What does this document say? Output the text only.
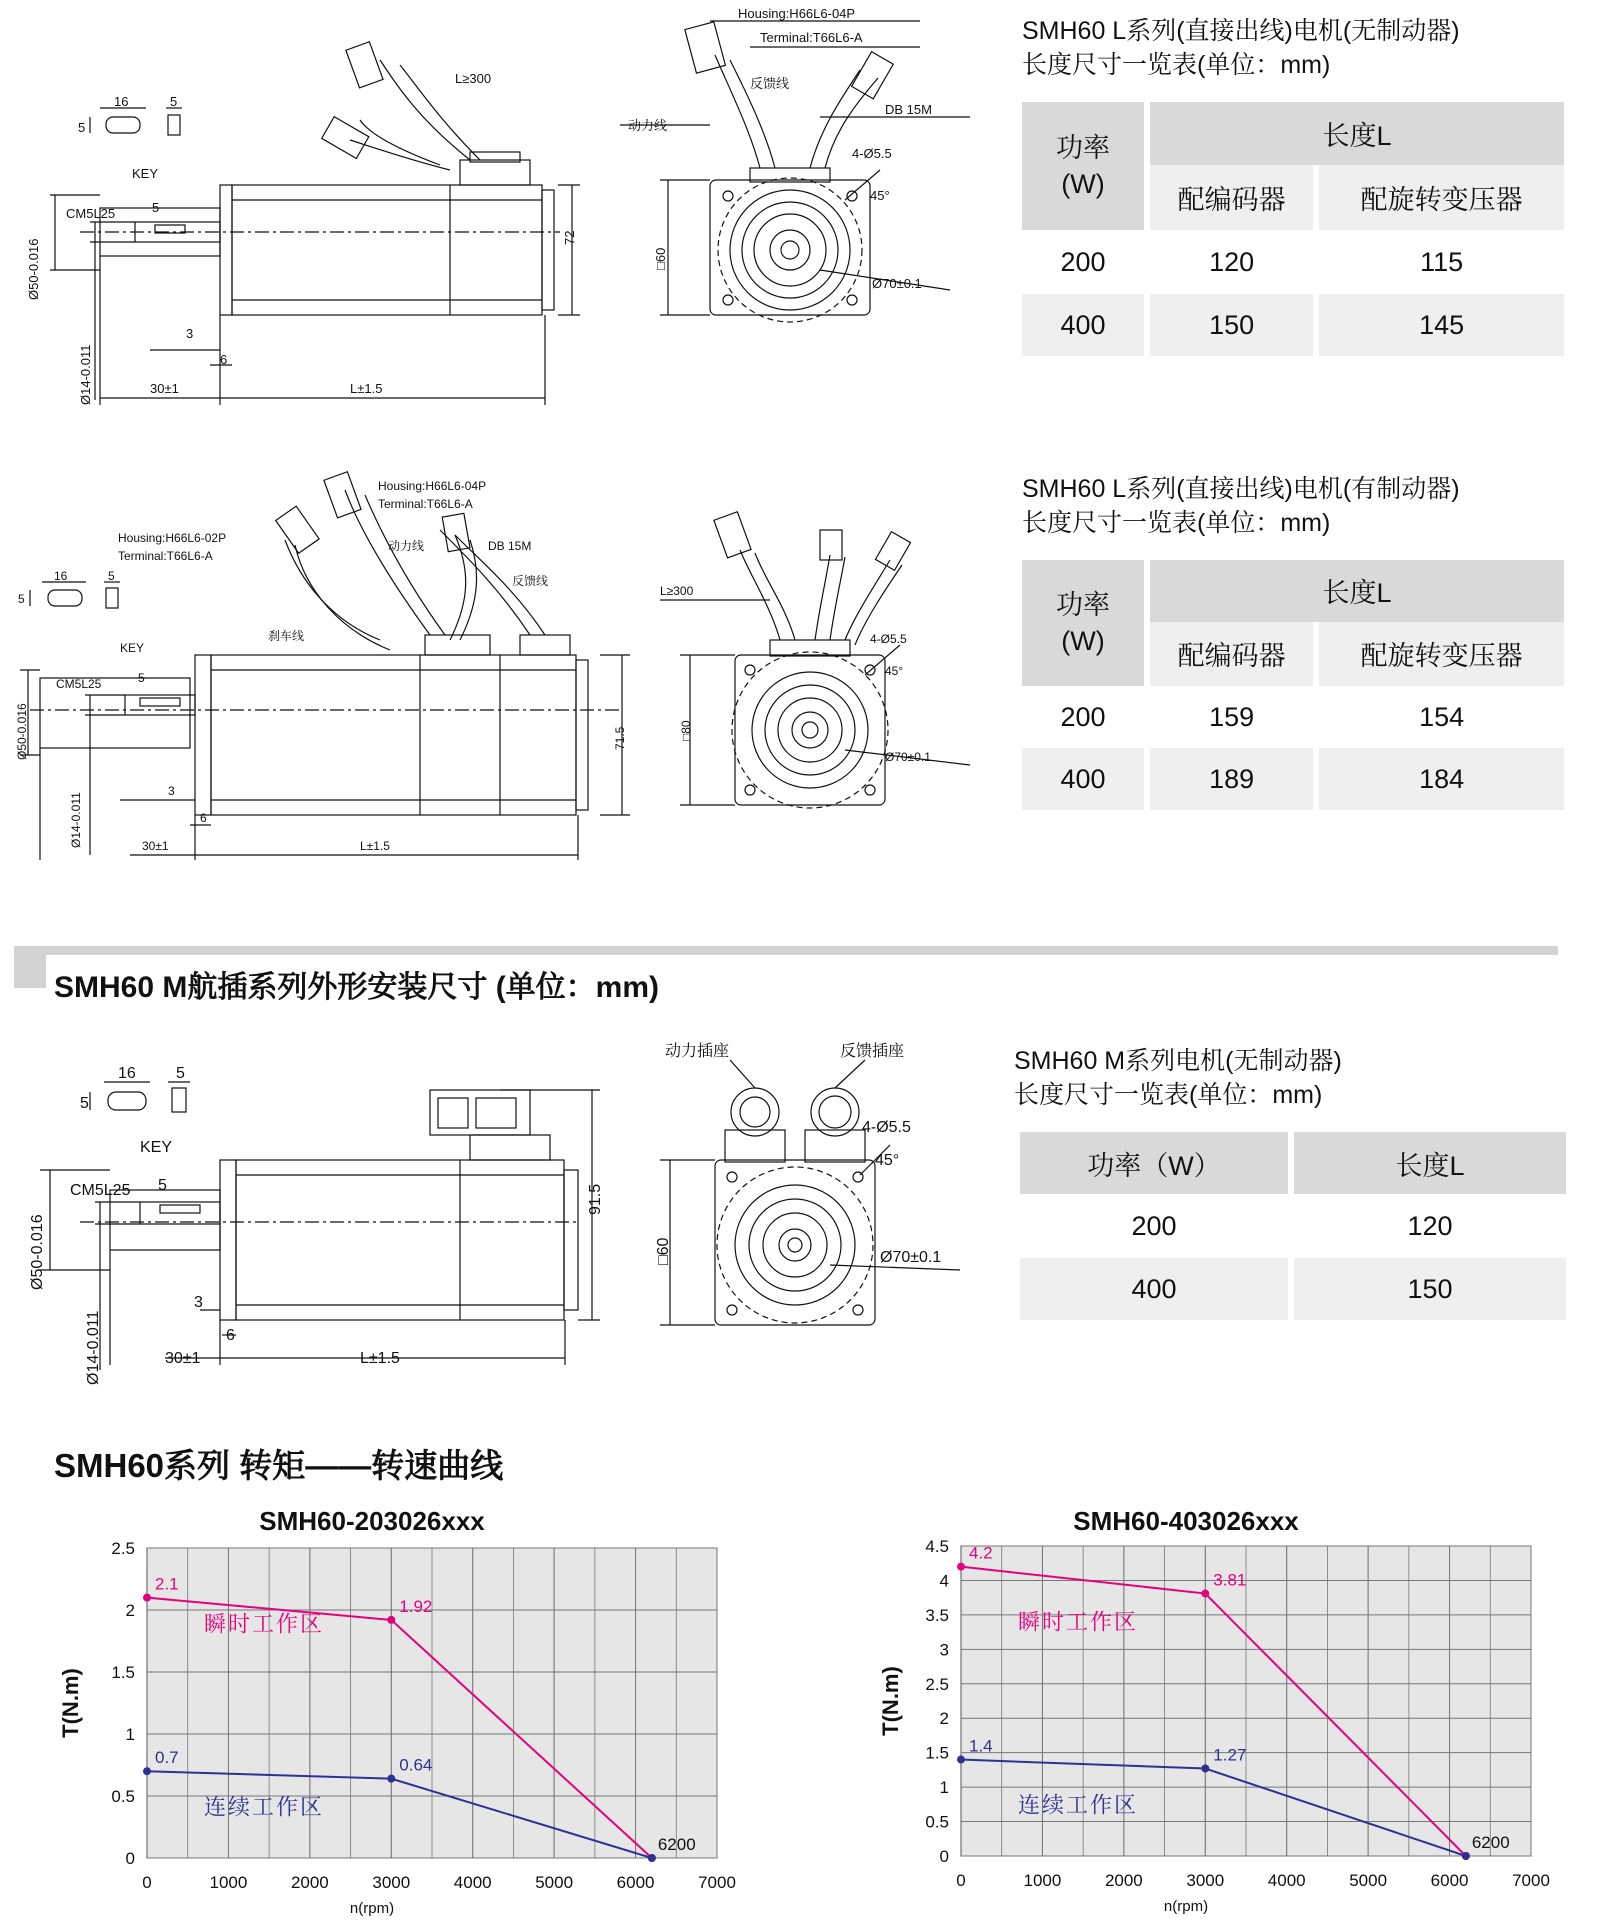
16	5
5
KEY
CM5L25	5
Ø50-0.016
Ø14-0.011
3
6
30±1	L±1.5
72
L≥300
Housing:H66L6-04P
Terminal:T66L6-A
反馈线
动力线
DB 15M
4-Ø5.5
45°
Ø70±0.1
□60
SMH60 L系列(直接出线)电机(无制动器)
长度尺寸一览表(单位：mm)
功率
(W)	长度L	
	配编码器	配旋转变压器
200	120	115
400	150	145
16	5
5
KEY
CM5L25	5
Ø50-0.016
Ø14-0.011
3
6
30±1	L±1.5
71.5
Housing:H66L6-04P
Terminal:T66L6-A
Housing:H66L6-02P
Terminal:T66L6-A
动力线	DB 15M
反馈线
刹车线
L≥300
4-Ø5.5
45°
Ø70±0.1
□80
SMH60 L系列(直接出线)电机(有制动器)
长度尺寸一览表(单位：mm)
功率
(W)	长度L	
	配编码器	配旋转变压器
200	159	154
400	189	184
SMH60 M航插系列外形安装尺寸 (单位：mm)
16	5
5
KEY
CM5L25 5
Ø50-0.016
Ø14-0.011
3
6
30±1	L±1.5
91.5
动力插座	反馈插座
4-Ø5.5
45°
Ø70±0.1
□60
SMH60 M系列电机(无制动器)
长度尺寸一览表(单位：mm)
功率（W）	长度L
200	120
400	150
SMH60系列 转矩——转速曲线
SMH60-203026xxx
0	1000	2000	3000	4000	5000	6000	7000
0
0.5
1
1.5
2
2.5
n(rpm)
T(N.m)
2.1
1.92
6200
瞬时工作区
0.7	0.64
连续工作区
SMH60-403026xxx
0	1000	2000	3000	4000	5000	6000	7000
0
0.5
1
1.5
2
2.5
3
3.5
4
4.5
n(rpm)
T(N.m)
4.2
3.81
6200
瞬时工作区
1.4	1.27
连续工作区
